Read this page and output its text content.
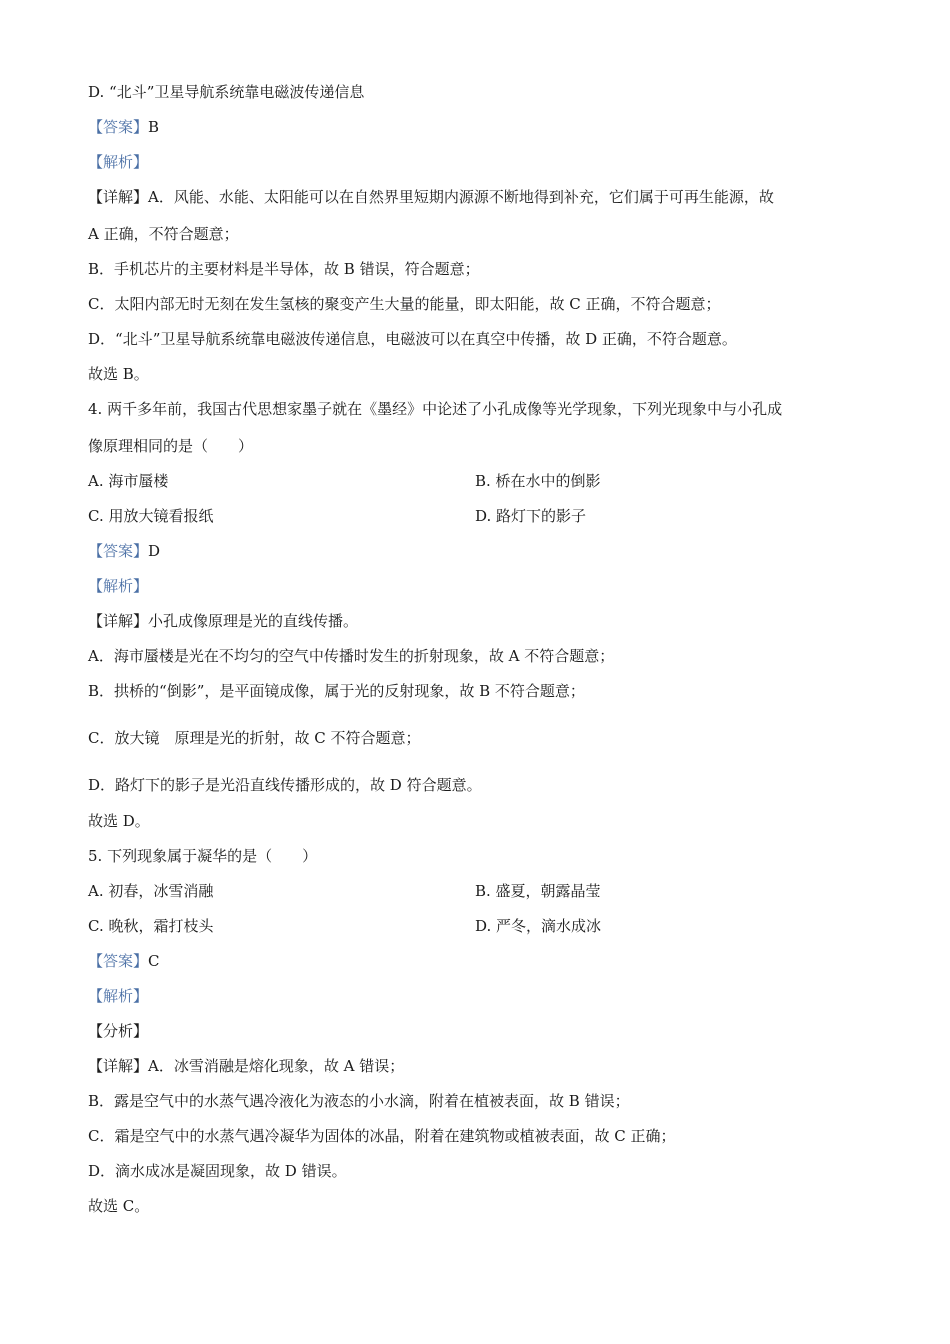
D. “北斗”卫星导航系统靠电磁波传递信息
【答案】B
【解析】
【详解】A．风能、水能、太阳能可以在自然界里短期内源源不断地得到补充，它们属于可再生能源，故
A 正确，不符合题意；
B．手机芯片的主要材料是半导体，故 B 错误，符合题意；
C．太阳内部无时无刻在发生氢核的聚变产生大量的能量，即太阳能，故 C 正确，不符合题意；
D．“北斗”卫星导航系统靠电磁波传递信息，电磁波可以在真空中传播，故 D 正确，不符合题意。
故选 B。
4. 两千多年前，我国古代思想家墨子就在《墨经》中论述了小孔成像等光学现象，下列光现象中与小孔成
像原理相同的是（　　）
A. 海市蜃楼	B. 桥在水中的倒影
C. 用放大镜看报纸	D. 路灯下的影子
【答案】D
【解析】
【详解】小孔成像原理是光的直线传播。
A．海市蜃楼是光在不均匀的空气中传播时发生的折射现象，故 A 不符合题意；
B．拱桥的“倒影”，是平面镜成像，属于光的反射现象，故 B 不符合题意；
C．放大镜　原理是光的折射，故 C 不符合题意；
D．路灯下的影子是光沿直线传播形成的，故 D 符合题意。
故选 D。
5. 下列现象属于凝华的是（　　）
A. 初春，冰雪消融	B. 盛夏，朝露晶莹
C. 晚秋，霜打枝头	D. 严冬，滴水成冰
【答案】C
【解析】
【分析】
【详解】A．冰雪消融是熔化现象，故 A 错误；
B．露是空气中的水蒸气遇冷液化为液态的小水滴，附着在植被表面，故 B 错误；
C．霜是空气中的水蒸气遇冷凝华为固体的冰晶，附着在建筑物或植被表面，故 C 正确；
D．滴水成冰是凝固现象，故 D 错误。
故选 C。
